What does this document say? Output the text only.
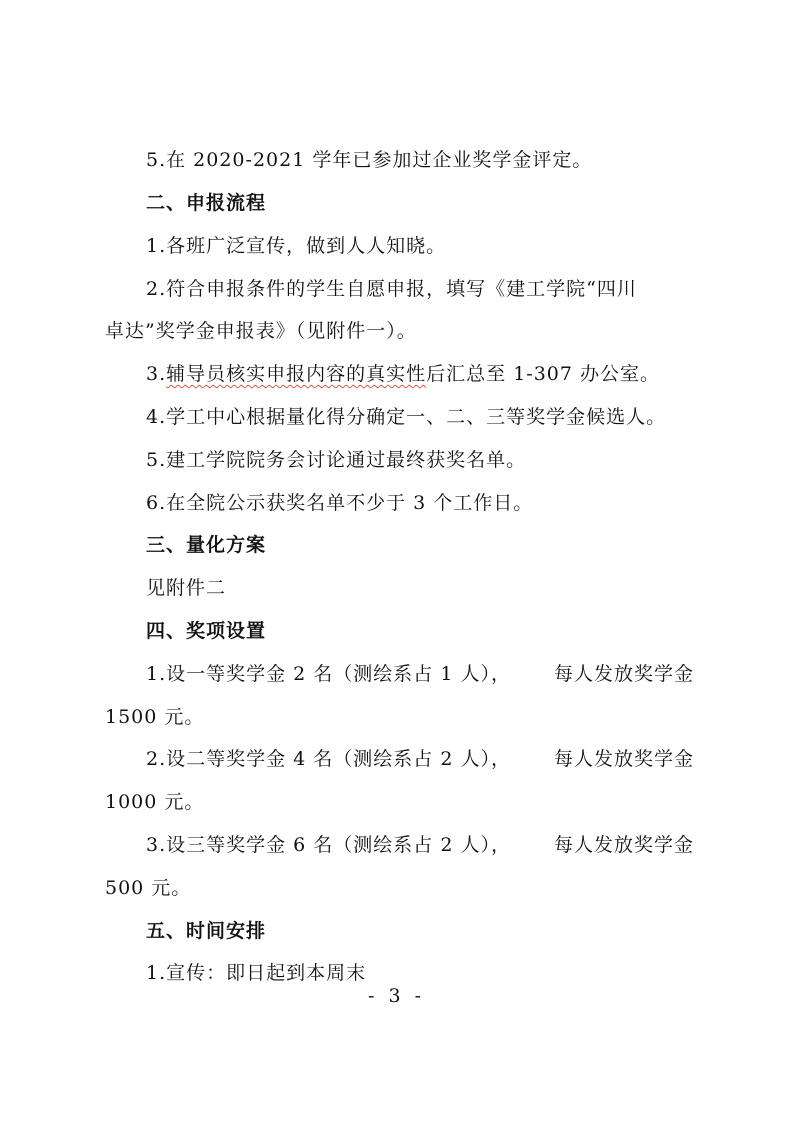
5.在 2020-2021 学年已参加过企业奖学金评定。
二、申报流程
1.各班广泛宣传，做到人人知晓。
2.符合申报条件的学生自愿申报，填写《建工学院“四川
卓达”奖学金申报表》（见附件一）。
3.辅导员核实申报内容的真实性后汇总至 1-307 办公室。
4.学工中心根据量化得分确定一、二、三等奖学金候选人。
5.建工学院院务会讨论通过最终获奖名单。
6.在全院公示获奖名单不少于 3 个工作日。
三、量化方案
见附件二
四、奖项设置
1.设一等奖学金 2 名（测绘系占 1 人）， 每人发放奖学金
1500 元。
2.设二等奖学金 4 名（测绘系占 2 人）， 每人发放奖学金
1000 元。
3.设三等奖学金 6 名（测绘系占 2 人）， 每人发放奖学金
500 元。
五、时间安排
1.宣传：即日起到本周末
- 3 -
